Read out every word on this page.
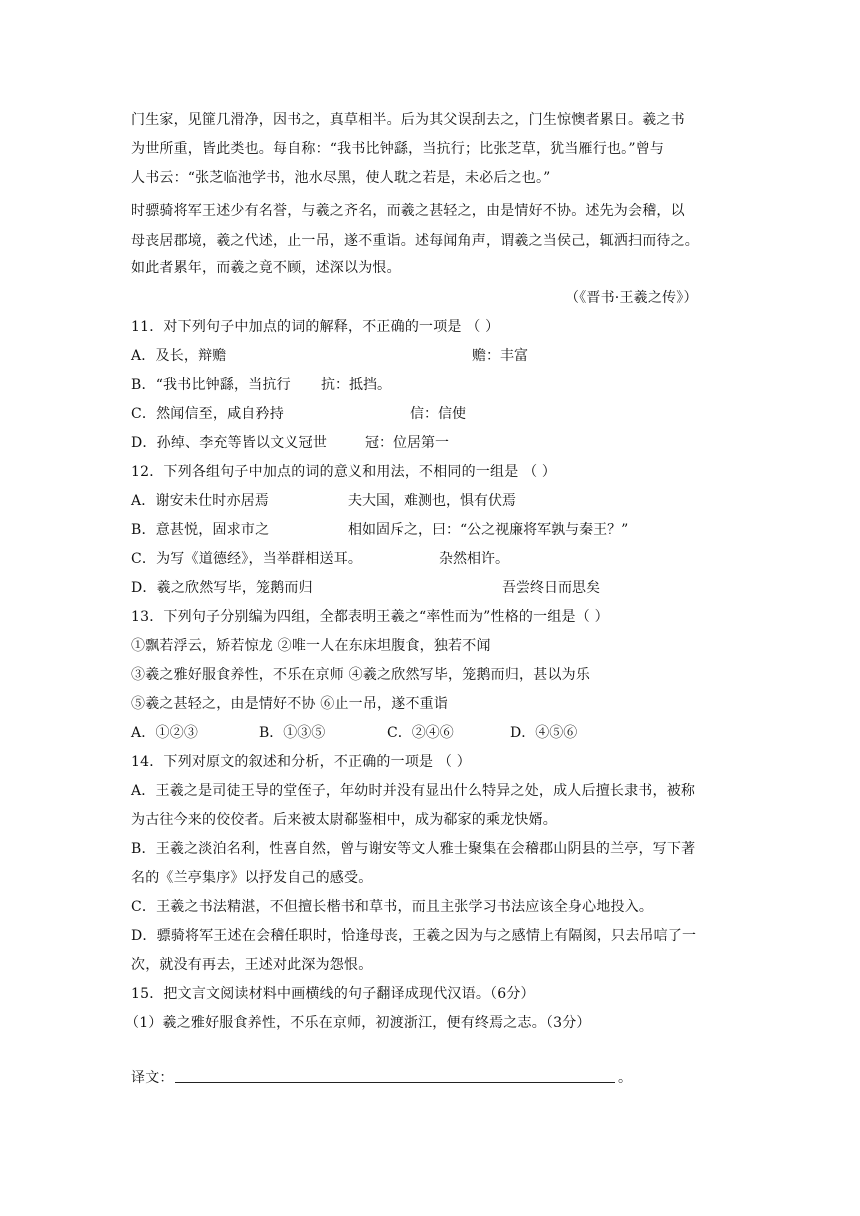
门生家，见篚几滑净，因书之，真草相半。后为其父误刮去之，门生惊懊者累日。羲之书
为世所重，皆此类也。每自称：“我书比钟繇，当抗行；比张芝草，犹当雁行也。”曾与
人书云：“张芝临池学书，池水尽黑，使人耽之若是，未必后之也。”
时骠骑将军王述少有名誉，与羲之齐名，而羲之甚轻之，由是情好不协。述先为会稽，以
母丧居郡境，羲之代述，止一吊，遂不重诣。述每闻角声，谓羲之当侯己，辄洒扫而待之。
如此者累年，而羲之竟不顾，述深以为恨。
（《晋书·王羲之传》）
11．对下列句子中加点的词的解释，不正确的一项是 （ ）
A．及长，辩赡	赡：丰富
B．“我书比钟繇，当抗行 抗：抵挡。
C．然闻信至，咸自矜持	信：信使
D．孙绰、李充等皆以文义冠世	冠：位居第一
12．下列各组句子中加点的词的意义和用法，不相同的一组是 （ ）
A．谢安未仕时亦居焉	夫大国，难测也，惧有伏焉
B．意甚悦，固求市之	相如固斥之，曰：“公之视廉将军孰与秦王？”
C．为写《道德经》，当举群相送耳。	杂然相许。
D．羲之欣然写毕，笼鹅而归	吾尝终日而思矣
13．下列句子分别编为四组，全都表明王羲之“率性而为”性格的一组是（ ）
①飘若浮云，矫若惊龙 ②唯一人在东床坦腹食，独若不闻
③羲之雅好服食养性，不乐在京师 ④羲之欣然写毕，笼鹅而归，甚以为乐
⑤羲之甚轻之，由是情好不协 ⑥止一吊，遂不重诣
A．①②③	B．①③⑤	C．②④⑥	D．④⑤⑥
14．下列对原文的叙述和分析，不正确的一项是 （ ）
A．王羲之是司徒王导的堂侄子，年幼时并没有显出什么特异之处，成人后擅长隶书，被称
为古往今来的佼佼者。后来被太尉郗鉴相中，成为郗家的乘龙快婿。
B．王羲之淡泊名利，性喜自然，曾与谢安等文人雅士聚集在会稽郡山阴县的兰亭，写下著
名的《兰亭集序》以抒发自己的感受。
C．王羲之书法精湛，不但擅长楷书和草书，而且主张学习书法应该全身心地投入。
D．骠骑将军王述在会稽任职时，恰逢母丧，王羲之因为与之感情上有隔阂，只去吊唁了一
次，就没有再去，王述对此深为怨恨。
15．把文言文阅读材料中画横线的句子翻译成现代汉语。（6分）
（1）羲之雅好服食养性，不乐在京师，初渡浙江，便有终焉之志。（3分）
译文：	。
